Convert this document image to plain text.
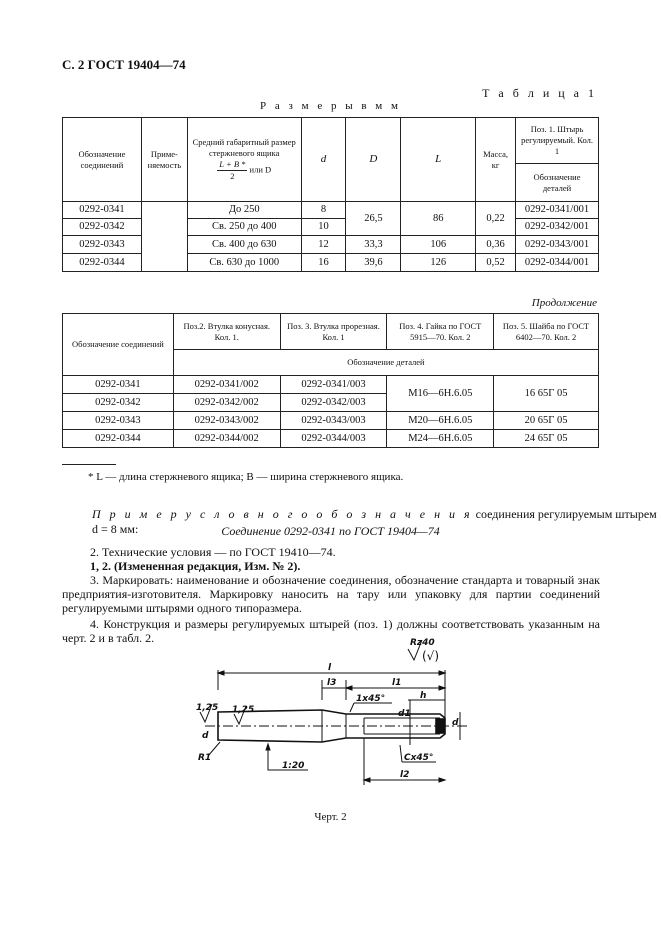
С. 2 ГОСТ 19404—74
Т а б л и ц а 1
Р а з м е р ы в м м
Обозначение соединений	Приме-няемость	Средний габаритный размер стержневого ящика

$\frac{L + B *}{2}$ или D	d	D	L	Масса, кг	Поз. 1. Штырь регулируемый. Кол. 1
							Обозначение деталей
0292-0341		До 250	8	26,5	86	0,22	0292-0341/001
0292-0342		Св. 250 до 400	10				0292-0342/001
0292-0343		Св. 400 до 630	12	33,3	106	0,36	0292-0343/001
0292-0344		Св. 630 до 1000	16	39,6	126	0,52	0292-0344/001
Продолжение
Обозначение соединений	Поз.2. Втулка конусная. Кол. 1.	Поз. 3. Втулка прорезная. Кол. 1	Поз. 4. Гайка по ГОСТ 5915—70. Кол. 2	Поз. 5. Шайба по ГОСТ 6402—70. Кол. 2
	Обозначение деталей			
0292-0341	0292-0341/002	0292-0341/003	М16—6Н.6.05	16 65Г 05
0292-0342	0292-0342/002	0292-0342/003		
0292-0343	0292-0343/002	0292-0343/003	М20—6Н.6.05	20 65Г 05
0292-0344	0292-0344/002	0292-0344/003	М24—6Н.6.05	24 65Г 05
* L — длина стержневого ящика; B — ширина стержневого ящика.
П р и м е р у с л о в н о г о о б о з н а ч е н и я соединения регулируемым штырем d = 8 мм:	Соединение 0292-0341 по ГОСТ 19404—74
2. Технические условия — по ГОСТ 19410—74.
1, 2. (Измененная редакция, Изм. № 2).
3. Маркировать: наименование и обозначение соединения, обозначение стандарта и товарный знак предприятия-изготовителя. Маркировку наносить на тару или упаковку для партии соединений регулируемыми штырями одного типоразмера.
4. Конструкция и размеры регулируемых штырей (поз. 1) должны соответствовать указанным на черт. 2 и в табл. 2.	Rz40
(√)
l
l3	l1
1x45°	h
1,25 1,25
d
d1
d
R1
1:20
Cx45°
l2
Черт. 2
